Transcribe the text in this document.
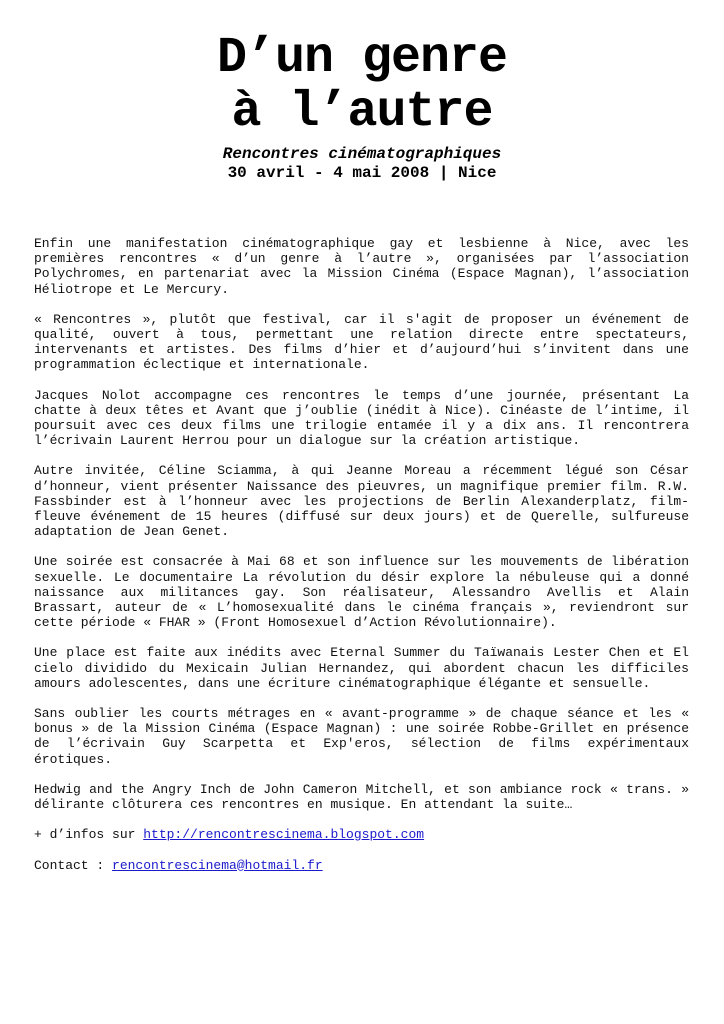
D’un genre
à l’autre

Rencontres cinématographiques

30 avril - 4 mai 2008 | Nice

Enfin une manifestation cinématographique gay et lesbienne à Nice, avec les premières rencontres « d’un genre à l’autre », organisées par l’association Polychromes, en partenariat avec la Mission Cinéma (Espace Magnan), l’association Héliotrope et Le Mercury.

« Rencontres », plutôt que festival, car il s'agit de proposer un événement de qualité, ouvert à tous, permettant une relation directe entre spectateurs, intervenants et artistes. Des films d’hier et d’aujourd’hui s’invitent dans une programmation éclectique et internationale.

Jacques Nolot accompagne ces rencontres le temps d’une journée, présentant La chatte à deux têtes et Avant que j’oublie (inédit à Nice). Cinéaste de l’intime, il poursuit avec ces deux films une trilogie entamée il y a dix ans. Il rencontrera l’écrivain Laurent Herrou pour un dialogue sur la création artistique.

Autre invitée, Céline Sciamma, à qui Jeanne Moreau a récemment légué son César d’honneur, vient présenter Naissance des pieuvres, un magnifique premier film. R.W. Fassbinder est à l’honneur avec les projections de Berlin Alexanderplatz, film-fleuve événement de 15 heures (diffusé sur deux jours) et de Querelle, sulfureuse adaptation de Jean Genet.

Une soirée est consacrée à Mai 68 et son influence sur les mouvements de libération sexuelle. Le documentaire La révolution du désir explore la nébuleuse qui a donné naissance aux militances gay. Son réalisateur, Alessandro Avellis et Alain Brassart, auteur de « L’homosexualité dans le cinéma français », reviendront sur cette période « FHAR » (Front Homosexuel d’Action Révolutionnaire).

Une place est faite aux inédits avec Eternal Summer du Taïwanais Lester Chen et El cielo dividido du Mexicain Julian Hernandez, qui abordent chacun les difficiles amours adolescentes, dans une écriture cinématographique élégante et sensuelle.

Sans oublier les courts métrages en « avant-programme » de chaque séance et les « bonus » de la Mission Cinéma (Espace Magnan) : une soirée Robbe-Grillet en présence de l’écrivain Guy Scarpetta et Exp'eros, sélection de films expérimentaux érotiques.

Hedwig and the Angry Inch de John Cameron Mitchell, et son ambiance rock « trans. » délirante clôturera ces rencontres en musique. En attendant la suite…

+ d’infos sur http://rencontrescinema.blogspot.com

Contact : rencontrescinema@hotmail.fr
